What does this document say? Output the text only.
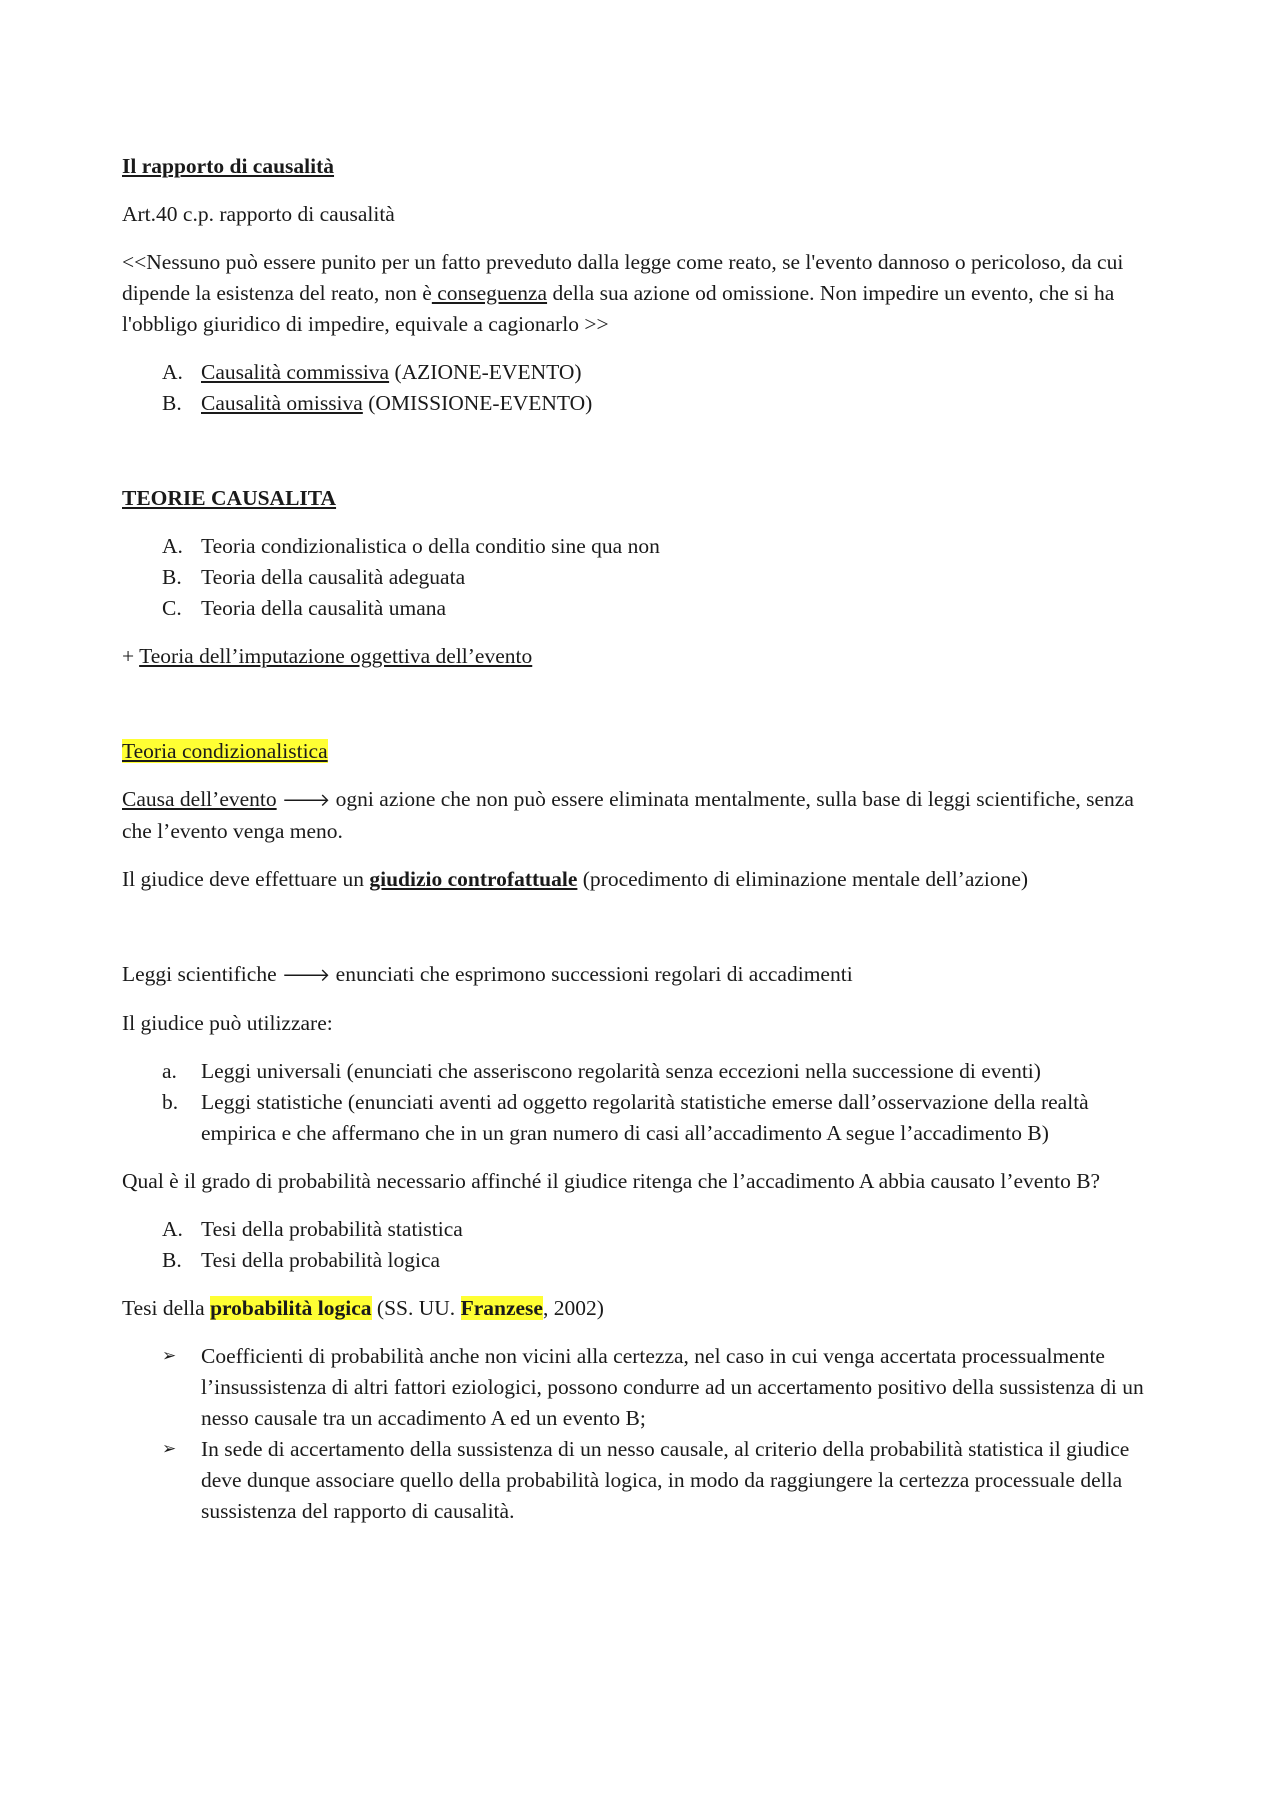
Il rapporto di causalità

Art.40 c.p. rapporto di causalità

<<Nessuno può essere punito per un fatto preveduto dalla legge come reato, se l'evento dannoso o pericoloso, da cui dipende la esistenza del reato, non è conseguenza della sua azione od omissione. Non impedire un evento, che si ha l'obbligo giuridico di impedire, equivale a cagionarlo >>

A. Causalità commissiva (AZIONE-EVENTO)
B. Causalità omissiva (OMISSIONE-EVENTO)

TEORIE CAUSALITA

A. Teoria condizionalistica o della conditio sine qua non
B. Teoria della causalità adeguata
C. Teoria della causalità umana

+ Teoria dell’imputazione oggettiva dell’evento

Teoria condizionalistica

Causa dell’evento 🡒 ogni azione che non può essere eliminata mentalmente, sulla base di leggi scientifiche, senza che l’evento venga meno.

Il giudice deve effettuare un giudizio controfattuale (procedimento di eliminazione mentale dell’azione)

Leggi scientifiche 🡒 enunciati che esprimono successioni regolari di accadimenti

Il giudice può utilizzare:

a. Leggi universali (enunciati che asseriscono regolarità senza eccezioni nella successione di eventi)
b. Leggi statistiche (enunciati aventi ad oggetto regolarità statistiche emerse dall’osservazione della realtà empirica e che affermano che in un gran numero di casi all’accadimento A segue l’accadimento B)

Qual è il grado di probabilità necessario affinché il giudice ritenga che l’accadimento A abbia causato l’evento B?

A. Tesi della probabilità statistica
B. Tesi della probabilità logica

Tesi della probabilità logica (SS. UU. Franzese, 2002)

➢ Coefficienti di probabilità anche non vicini alla certezza, nel caso in cui venga accertata processualmente l’insussistenza di altri fattori eziologici, possono condurre ad un accertamento positivo della sussistenza di un nesso causale tra un accadimento A ed un evento B;
➢ In sede di accertamento della sussistenza di un nesso causale, al criterio della probabilità statistica il giudice deve dunque associare quello della probabilità logica, in modo da raggiungere la certezza processuale della sussistenza del rapporto di causalità.
